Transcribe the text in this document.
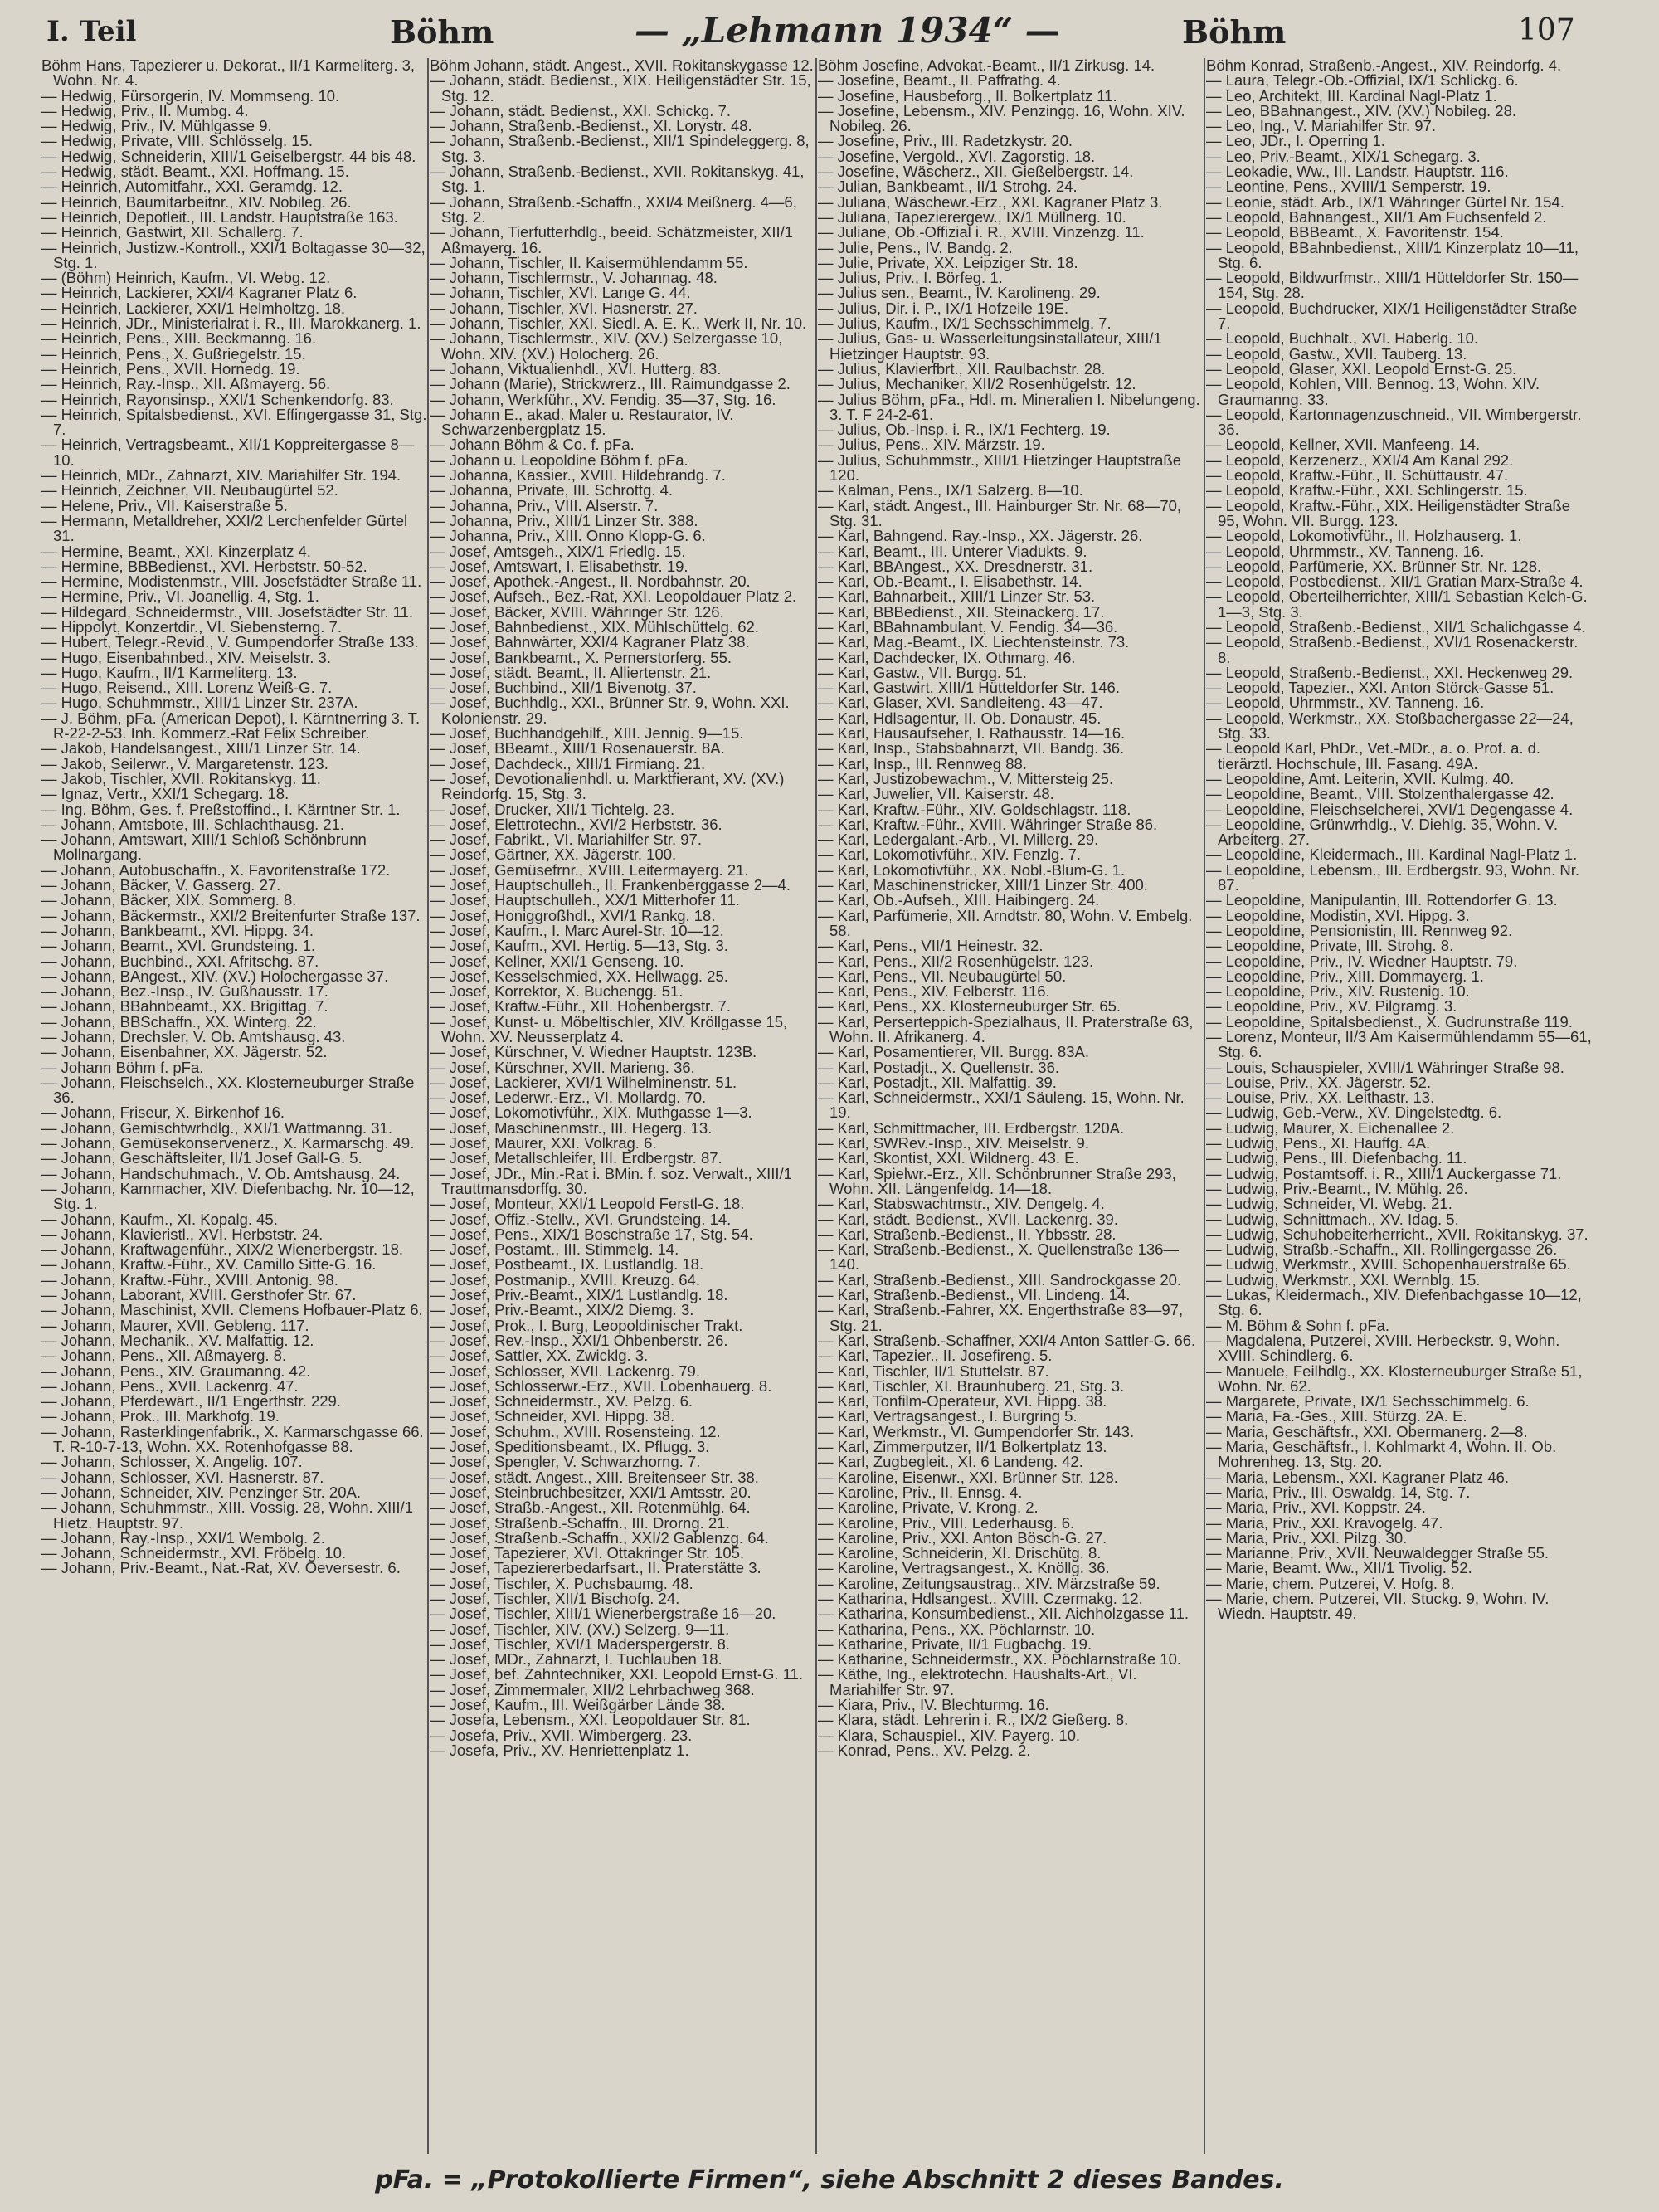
I. Teil	Böhm	— „Lehmann 1934“ —	Böhm	107
Böhm Hans, Tapezierer u. Dekorat., II/1 Karmeliterg. 3, Wohn. Nr. 4.
— Hedwig, Fürsorgerin, IV. Mommseng. 10.
— Hedwig, Priv., II. Mumbg. 4.
— Hedwig, Priv., IV. Mühlgasse 9.
— Hedwig, Private, VIII. Schlösselg. 15.
— Hedwig, Schneiderin, XIII/1 Geiselbergstr. 44 bis 48.
— Hedwig, städt. Beamt., XXI. Hoffmang. 15.
— Heinrich, Automitfahr., XXI. Geramdg. 12.
— Heinrich, Baumitarbeitnr., XIV. Nobileg. 26.
— Heinrich, Depotleit., III. Landstr. Hauptstraße 163.
— Heinrich, Gastwirt, XII. Schallerg. 7.
— Heinrich, Justizw.-Kontroll., XXI/1 Boltagasse 30—32, Stg. 1.
— (Böhm) Heinrich, Kaufm., VI. Webg. 12.
— Heinrich, Lackierer, XXI/4 Kagraner Platz 6.
— Heinrich, Lackierer, XXI/1 Helmholtzg. 18.
— Heinrich, JDr., Ministerialrat i. R., III. Marokkanerg. 1.
— Heinrich, Pens., XIII. Beckmanng. 16.
— Heinrich, Pens., X. Gußriegelstr. 15.
— Heinrich, Pens., XVII. Hornedg. 19.
— Heinrich, Ray.-Insp., XII. Aßmayerg. 56.
— Heinrich, Rayonsinsp., XXI/1 Schenkendorfg. 83.
— Heinrich, Spitalsbedienst., XVI. Effingergasse 31, Stg. 7.
— Heinrich, Vertragsbeamt., XII/1 Koppreitergasse 8—10.
— Heinrich, MDr., Zahnarzt, XIV. Mariahilfer Str. 194.
— Heinrich, Zeichner, VII. Neubaugürtel 52.
— Helene, Priv., VII. Kaiserstraße 5.
— Hermann, Metalldreher, XXI/2 Lerchenfelder Gürtel 31.
— Hermine, Beamt., XXI. Kinzerplatz 4.
— Hermine, BBBedienst., XVI. Herbststr. 50-52.
— Hermine, Modistenmstr., VIII. Josefstädter Straße 11.
— Hermine, Priv., VI. Joanellig. 4, Stg. 1.
— Hildegard, Schneidermstr., VIII. Josefstädter Str. 11.
— Hippolyt, Konzertdir., VI. Siebensterng. 7.
— Hubert, Telegr.-Revid., V. Gumpendorfer Straße 133.
— Hugo, Eisenbahnbed., XIV. Meiselstr. 3.
— Hugo, Kaufm., II/1 Karmeliterg. 13.
— Hugo, Reisend., XIII. Lorenz Weiß-G. 7.
— Hugo, Schuhmmstr., XIII/1 Linzer Str. 237A.
— J. Böhm, pFa. (American Depot), I. Kärntnerring 3. T. R-22-2-53. Inh. Kommerz.-Rat Felix Schreiber.
— Jakob, Handelsangest., XIII/1 Linzer Str. 14.
— Jakob, Seilerwr., V. Margaretenstr. 123.
— Jakob, Tischler, XVII. Rokitanskyg. 11.
— Ignaz, Vertr., XXI/1 Schegarg. 18.
— Ing. Böhm, Ges. f. Preßstoffind., I. Kärntner Str. 1.
— Johann, Amtsbote, III. Schlachthausg. 21.
— Johann, Amtswart, XIII/1 Schloß Schönbrunn Mollnargang.
— Johann, Autobuschaffn., X. Favoritenstraße 172.
— Johann, Bäcker, V. Gasserg. 27.
— Johann, Bäcker, XIX. Sommerg. 8.
— Johann, Bäckermstr., XXI/2 Breitenfurter Straße 137.
— Johann, Bankbeamt., XVI. Hippg. 34.
— Johann, Beamt., XVI. Grundsteing. 1.
— Johann, Buchbind., XXI. Afritschg. 87.
— Johann, BAngest., XIV. (XV.) Holochergasse 37.
— Johann, Bez.-Insp., IV. Gußhausstr. 17.
— Johann, BBahnbeamt., XX. Brigittag. 7.
— Johann, BBSchaffn., XX. Winterg. 22.
— Johann, Drechsler, V. Ob. Amtshausg. 43.
— Johann, Eisenbahner, XX. Jägerstr. 52.
— Johann Böhm f. pFa.
— Johann, Fleischselch., XX. Klosterneuburger Straße 36.
— Johann, Friseur, X. Birkenhof 16.
— Johann, Gemischtwrhdlg., XXI/1 Wattmanng. 31.
— Johann, Gemüsekonservenerz., X. Karmarschg. 49.
— Johann, Geschäftsleiter, II/1 Josef Gall-G. 5.
— Johann, Handschuhmach., V. Ob. Amtshausg. 24.
— Johann, Kammacher, XIV. Diefenbachg. Nr. 10—12, Stg. 1.
— Johann, Kaufm., XI. Kopalg. 45.
— Johann, Klavieristl., XVI. Herbststr. 24.
— Johann, Kraftwagenführ., XIX/2 Wienerbergstr. 18.
— Johann, Kraftw.-Führ., XV. Camillo Sitte-G. 16.
— Johann, Kraftw.-Führ., XVIII. Antonig. 98.
— Johann, Laborant, XVIII. Gersthofer Str. 67.
— Johann, Maschinist, XVII. Clemens Hofbauer-Platz 6.
— Johann, Maurer, XVII. Gebleng. 117.
— Johann, Mechanik., XV. Malfattig. 12.
— Johann, Pens., XII. Aßmayerg. 8.
— Johann, Pens., XIV. Graumanng. 42.
— Johann, Pens., XVII. Lackenrg. 47.
— Johann, Pferdewärt., II/1 Engerthstr. 229.
— Johann, Prok., III. Markhofg. 19.
— Johann, Rasterklingenfabrik., X. Karmarschgasse 66. T. R-10-7-13, Wohn. XX. Rotenhofgasse 88.
— Johann, Schlosser, X. Angelig. 107.
— Johann, Schlosser, XVI. Hasnerstr. 87.
— Johann, Schneider, XIV. Penzinger Str. 20A.
— Johann, Schuhmmstr., XIII. Vossig. 28, Wohn. XIII/1 Hietz. Hauptstr. 97.
— Johann, Ray.-Insp., XXI/1 Wembolg. 2.
— Johann, Schneidermstr., XVI. Fröbelg. 10.
— Johann, Priv.-Beamt., Nat.-Rat, XV. Oeversestr. 6.
Böhm Johann, städt. Angest., XVII. Rokitanskygasse 12.
— Johann, städt. Bedienst., XIX. Heiligenstädter Str. 15, Stg. 12.
— Johann, städt. Bedienst., XXI. Schickg. 7.
— Johann, Straßenb.-Bedienst., XI. Lorystr. 48.
— Johann, Straßenb.-Bedienst., XII/1 Spindeleggerg. 8, Stg. 3.
— Johann, Straßenb.-Bedienst., XVII. Rokitanskyg. 41, Stg. 1.
— Johann, Straßenb.-Schaffn., XXI/4 Meißnerg. 4—6, Stg. 2.
— Johann, Tierfutterhdlg., beeid. Schätzmeister, XII/1 Aßmayerg. 16.
— Johann, Tischler, II. Kaisermühlendamm 55.
— Johann, Tischlermstr., V. Johannag. 48.
— Johann, Tischler, XVI. Lange G. 44.
— Johann, Tischler, XVI. Hasnerstr. 27.
— Johann, Tischler, XXI. Siedl. A. E. K., Werk II, Nr. 10.
— Johann, Tischlermstr., XIV. (XV.) Selzergasse 10, Wohn. XIV. (XV.) Holocherg. 26.
— Johann, Viktualienhdl., XVI. Hutterg. 83.
— Johann (Marie), Strickwrerz., III. Raimundgasse 2.
— Johann, Werkführ., XV. Fendig. 35—37, Stg. 16.
— Johann E., akad. Maler u. Restaurator, IV. Schwarzenbergplatz 15.
— Johann Böhm & Co. f. pFa.
— Johann u. Leopoldine Böhm f. pFa.
— Johanna, Kassier., XVIII. Hildebrandg. 7.
— Johanna, Private, III. Schrottg. 4.
— Johanna, Priv., VIII. Alserstr. 7.
— Johanna, Priv., XIII/1 Linzer Str. 388.
— Johanna, Priv., XIII. Onno Klopp-G. 6.
— Josef, Amtsgeh., XIX/1 Friedlg. 15.
— Josef, Amtswart, I. Elisabethstr. 19.
— Josef, Apothek.-Angest., II. Nordbahnstr. 20.
— Josef, Aufseh., Bez.-Rat, XXI. Leopoldauer Platz 2.
— Josef, Bäcker, XVIII. Währinger Str. 126.
— Josef, Bahnbedienst., XIX. Mühlschüttelg. 62.
— Josef, Bahnwärter, XXI/4 Kagraner Platz 38.
— Josef, Bankbeamt., X. Pernerstorferg. 55.
— Josef, städt. Beamt., II. Alliertenstr. 21.
— Josef, Buchbind., XII/1 Bivenotg. 37.
— Josef, Buchhdlg., XXI., Brünner Str. 9, Wohn. XXI. Kolonienstr. 29.
— Josef, Buchhandgehilf., XIII. Jennig. 9—15.
— Josef, BBeamt., XIII/1 Rosenauerstr. 8A.
— Josef, Dachdeck., XIII/1 Firmiang. 21.
— Josef, Devotionalienhdl. u. Marktfierant, XV. (XV.) Reindorfg. 15, Stg. 3.
— Josef, Drucker, XII/1 Tichtelg. 23.
— Josef, Elettrotechn., XVI/2 Herbststr. 36.
— Josef, Fabrikt., VI. Mariahilfer Str. 97.
— Josef, Gärtner, XX. Jägerstr. 100.
— Josef, Gemüsefrnr., XVIII. Leitermayerg. 21.
— Josef, Hauptschulleh., II. Frankenberggasse 2—4.
— Josef, Hauptschulleh., XX/1 Mitterhofer 11.
— Josef, Honiggroßhdl., XVI/1 Rankg. 18.
— Josef, Kaufm., I. Marc Aurel-Str. 10—12.
— Josef, Kaufm., XVI. Hertig. 5—13, Stg. 3.
— Josef, Kellner, XXI/1 Genseng. 10.
— Josef, Kesselschmied, XX. Hellwagg. 25.
— Josef, Korrektor, X. Buchengg. 51.
— Josef, Kraftw.-Führ., XII. Hohenbergstr. 7.
— Josef, Kunst- u. Möbeltischler, XIV. Kröllgasse 15, Wohn. XV. Neusserplatz 4.
— Josef, Kürschner, V. Wiedner Hauptstr. 123B.
— Josef, Kürschner, XVII. Marieng. 36.
— Josef, Lackierer, XVI/1 Wilhelminenstr. 51.
— Josef, Lederwr.-Erz., VI. Mollardg. 70.
— Josef, Lokomotivführ., XIX. Muthgasse 1—3.
— Josef, Maschinenmstr., III. Hegerg. 13.
— Josef, Maurer, XXI. Volkrag. 6.
— Josef, Metallschleifer, III. Erdbergstr. 87.
— Josef, JDr., Min.-Rat i. BMin. f. soz. Verwalt., XIII/1 Trauttmansdorffg. 30.
— Josef, Monteur, XXI/1 Leopold Ferstl-G. 18.
— Josef, Offiz.-Stellv., XVI. Grundsteing. 14.
— Josef, Pens., XIX/1 Boschstraße 17, Stg. 54.
— Josef, Postamt., III. Stimmelg. 14.
— Josef, Postbeamt., IX. Lustlandlg. 18.
— Josef, Postmanip., XVIII. Kreuzg. 64.
— Josef, Priv.-Beamt., XIX/1 Lustlandlg. 18.
— Josef, Priv.-Beamt., XIX/2 Diemg. 3.
— Josef, Prok., I. Burg, Leopoldinischer Trakt.
— Josef, Rev.-Insp., XXI/1 Ohbenberstr. 26.
— Josef, Sattler, XX. Zwicklg. 3.
— Josef, Schlosser, XVII. Lackenrg. 79.
— Josef, Schlosserwr.-Erz., XVII. Lobenhauerg. 8.
— Josef, Schneidermstr., XV. Pelzg. 6.
— Josef, Schneider, XVI. Hippg. 38.
— Josef, Schuhm., XVIII. Rosensteing. 12.
— Josef, Speditionsbeamt., IX. Pflugg. 3.
— Josef, Spengler, V. Schwarzhorng. 7.
— Josef, städt. Angest., XIII. Breitenseer Str. 38.
— Josef, Steinbruchbesitzer, XXI/1 Amtsstr. 20.
— Josef, Straßb.-Angest., XII. Rotenmühlg. 64.
— Josef, Straßenb.-Schaffn., III. Drorng. 21.
— Josef, Straßenb.-Schaffn., XXI/2 Gablenzg. 64.
— Josef, Tapezierer, XVI. Ottakringer Str. 105.
— Josef, Tapeziererbedarfsart., II. Praterstätte 3.
— Josef, Tischler, X. Puchsbaumg. 48.
— Josef, Tischler, XII/1 Bischofg. 24.
— Josef, Tischler, XIII/1 Wienerbergstraße 16—20.
— Josef, Tischler, XIV. (XV.) Selzerg. 9—11.
— Josef, Tischler, XVI/1 Maderspergerstr. 8.
— Josef, MDr., Zahnarzt, I. Tuchlauben 18.
— Josef, bef. Zahntechniker, XXI. Leopold Ernst-G. 11.
— Josef, Zimmermaler, XII/2 Lehrbachweg 368.
— Josef, Kaufm., III. Weißgärber Lände 38.
— Josefa, Lebensm., XXI. Leopoldauer Str. 81.
— Josefa, Priv., XVII. Wimbergerg. 23.
— Josefa, Priv., XV. Henriettenplatz 1.
Böhm Josefine, Advokat.-Beamt., II/1 Zirkusg. 14.
— Josefine, Beamt., II. Paffrathg. 4.
— Josefine, Hausbeforg., II. Bolkertplatz 11.
— Josefine, Lebensm., XIV. Penzingg. 16, Wohn. XIV. Nobileg. 26.
— Josefine, Priv., III. Radetzkystr. 20.
— Josefine, Vergold., XVI. Zagorstig. 18.
— Josefine, Wäscherz., XII. Gießelbergstr. 14.
— Julian, Bankbeamt., II/1 Strohg. 24.
— Juliana, Wäschewr.-Erz., XXI. Kagraner Platz 3.
— Juliana, Tapezierergew., IX/1 Müllnerg. 10.
— Juliane, Ob.-Offizial i. R., XVIII. Vinzenzg. 11.
— Julie, Pens., IV. Bandg. 2.
— Julie, Private, XX. Leipziger Str. 18.
— Julius, Priv., I. Börfeg. 1.
— Julius sen., Beamt., IV. Karolineng. 29.
— Julius, Dir. i. P., IX/1 Hofzeile 19E.
— Julius, Kaufm., IX/1 Sechsschimmelg. 7.
— Julius, Gas- u. Wasserleitungsinstallateur, XIII/1 Hietzinger Hauptstr. 93.
— Julius, Klavierfbrt., XII. Raulbachstr. 28.
— Julius, Mechaniker, XII/2 Rosenhügelstr. 12.
— Julius Böhm, pFa., Hdl. m. Mineralien I. Nibelungeng. 3. T. F 24-2-61.
— Julius, Ob.-Insp. i. R., IX/1 Fechterg. 19.
— Julius, Pens., XIV. Märzstr. 19.
— Julius, Schuhmmstr., XIII/1 Hietzinger Hauptstraße 120.
— Kalman, Pens., IX/1 Salzerg. 8—10.
— Karl, städt. Angest., III. Hainburger Str. Nr. 68—70, Stg. 31.
— Karl, Bahngend. Ray.-Insp., XX. Jägerstr. 26.
— Karl, Beamt., III. Unterer Viadukts. 9.
— Karl, BBAngest., XX. Dresdnerstr. 31.
— Karl, Ob.-Beamt., I. Elisabethstr. 14.
— Karl, Bahnarbeit., XIII/1 Linzer Str. 53.
— Karl, BBBedienst., XII. Steinackerg. 17.
— Karl, BBahnambulant, V. Fendig. 34—36.
— Karl, Mag.-Beamt., IX. Liechtensteinstr. 73.
— Karl, Dachdecker, IX. Othmarg. 46.
— Karl, Gastw., VII. Burgg. 51.
— Karl, Gastwirt, XIII/1 Hütteldorfer Str. 146.
— Karl, Glaser, XVI. Sandleiteng. 43—47.
— Karl, Hdlsagentur, II. Ob. Donaustr. 45.
— Karl, Hausaufseher, I. Rathausstr. 14—16.
— Karl, Insp., Stabsbahnarzt, VII. Bandg. 36.
— Karl, Insp., III. Rennweg 88.
— Karl, Justizobewachm., V. Mittersteig 25.
— Karl, Juwelier, VII. Kaiserstr. 48.
— Karl, Kraftw.-Führ., XIV. Goldschlagstr. 118.
— Karl, Kraftw.-Führ., XVIII. Währinger Straße 86.
— Karl, Ledergalant.-Arb., VI. Millerg. 29.
— Karl, Lokomotivführ., XIV. Fenzlg. 7.
— Karl, Lokomotivführ., XX. Nobl.-Blum-G. 1.
— Karl, Maschinenstricker, XIII/1 Linzer Str. 400.
— Karl, Ob.-Aufseh., XIII. Haibingerg. 24.
— Karl, Parfümerie, XII. Arndtstr. 80, Wohn. V. Embelg. 58.
— Karl, Pens., VII/1 Heinestr. 32.
— Karl, Pens., XII/2 Rosenhügelstr. 123.
— Karl, Pens., VII. Neubaugürtel 50.
— Karl, Pens., XIV. Felberstr. 116.
— Karl, Pens., XX. Klosterneuburger Str. 65.
— Karl, Perserteppich-Spezialhaus, II. Praterstraße 63, Wohn. II. Afrikanerg. 4.
— Karl, Posamentierer, VII. Burgg. 83A.
— Karl, Postadjt., X. Quellenstr. 36.
— Karl, Postadjt., XII. Malfattig. 39.
— Karl, Schneidermstr., XXI/1 Säuleng. 15, Wohn. Nr. 19.
— Karl, Schmittmacher, III. Erdbergstr. 120A.
— Karl, SWRev.-Insp., XIV. Meiselstr. 9.
— Karl, Skontist, XXI. Wildnerg. 43. E.
— Karl, Spielwr.-Erz., XII. Schönbrunner Straße 293, Wohn. XII. Längenfeldg. 14—18.
— Karl, Stabswachtmstr., XIV. Dengelg. 4.
— Karl, städt. Bedienst., XVII. Lackenrg. 39.
— Karl, Straßenb.-Bedienst., II. Ybbsstr. 28.
— Karl, Straßenb.-Bedienst., X. Quellenstraße 136—140.
— Karl, Straßenb.-Bedienst., XIII. Sandrockgasse 20.
— Karl, Straßenb.-Bedienst., VII. Lindeng. 14.
— Karl, Straßenb.-Fahrer, XX. Engerthstraße 83—97, Stg. 21.
— Karl, Straßenb.-Schaffner, XXI/4 Anton Sattler-G. 66.
— Karl, Tapezier., II. Josefireng. 5.
— Karl, Tischler, II/1 Stuttelstr. 87.
— Karl, Tischler, XI. Braunhuberg. 21, Stg. 3.
— Karl, Tonfilm-Operateur, XVI. Hippg. 38.
— Karl, Vertragsangest., I. Burgring 5.
— Karl, Werkmstr., VI. Gumpendorfer Str. 143.
— Karl, Zimmerputzer, II/1 Bolkertplatz 13.
— Karl, Zugbegleit., XI. 6 Landeng. 42.
— Karoline, Eisenwr., XXI. Brünner Str. 128.
— Karoline, Priv., II. Ennsg. 4.
— Karoline, Private, V. Krong. 2.
— Karoline, Priv., VIII. Lederhausg. 6.
— Karoline, Priv., XXI. Anton Bösch-G. 27.
— Karoline, Schneiderin, XI. Drischütg. 8.
— Karoline, Vertragsangest., X. Knöllg. 36.
— Karoline, Zeitungsaustrag., XIV. Märzstraße 59.
— Katharina, Hdlsangest., XVIII. Czermakg. 12.
— Katharina, Konsumbedienst., XII. Aichholzgasse 11.
— Katharina, Pens., XX. Pöchlarnstr. 10.
— Katharine, Private, II/1 Fugbachg. 19.
— Katharine, Schneidermstr., XX. Pöchlarnstraße 10.
— Käthe, Ing., elektrotechn. Haushalts-Art., VI. Mariahilfer Str. 97.
— Kiara, Priv., IV. Blechturmg. 16.
— Klara, städt. Lehrerin i. R., IX/2 Gießerg. 8.
— Klara, Schauspiel., XIV. Payerg. 10.
— Konrad, Pens., XV. Pelzg. 2.
Böhm Konrad, Straßenb.-Angest., XIV. Reindorfg. 4.
— Laura, Telegr.-Ob.-Offizial, IX/1 Schlickg. 6.
— Leo, Architekt, III. Kardinal Nagl-Platz 1.
— Leo, BBahnangest., XIV. (XV.) Nobileg. 28.
— Leo, Ing., V. Mariahilfer Str. 97.
— Leo, JDr., I. Operring 1.
— Leo, Priv.-Beamt., XIX/1 Schegarg. 3.
— Leokadie, Ww., III. Landstr. Hauptstr. 116.
— Leontine, Pens., XVIII/1 Semperstr. 19.
— Leonie, städt. Arb., IX/1 Währinger Gürtel Nr. 154.
— Leopold, Bahnangest., XII/1 Am Fuchsenfeld 2.
— Leopold, BBBeamt., X. Favoritenstr. 154.
— Leopold, BBahnbedienst., XIII/1 Kinzerplatz 10—11, Stg. 6.
— Leopold, Bildwurfmstr., XIII/1 Hütteldorfer Str. 150—154, Stg. 28.
— Leopold, Buchdrucker, XIX/1 Heiligenstädter Straße 7.
— Leopold, Buchhalt., XVI. Haberlg. 10.
— Leopold, Gastw., XVII. Tauberg. 13.
— Leopold, Glaser, XXI. Leopold Ernst-G. 25.
— Leopold, Kohlen, VIII. Bennog. 13, Wohn. XIV. Graumanng. 33.
— Leopold, Kartonnagenzuschneid., VII. Wimbergerstr. 36.
— Leopold, Kellner, XVII. Manfeeng. 14.
— Leopold, Kerzenerz., XXI/4 Am Kanal 292.
— Leopold, Kraftw.-Führ., II. Schüttaustr. 47.
— Leopold, Kraftw.-Führ., XXI. Schlingerstr. 15.
— Leopold, Kraftw.-Führ., XIX. Heiligenstädter Straße 95, Wohn. VII. Burgg. 123.
— Leopold, Lokomotivführ., II. Holzhauserg. 1.
— Leopold, Uhrmmstr., XV. Tanneng. 16.
— Leopold, Parfümerie, XX. Brünner Str. Nr. 128.
— Leopold, Postbedienst., XII/1 Gratian Marx-Straße 4.
— Leopold, Oberteilherrichter, XIII/1 Sebastian Kelch-G. 1—3, Stg. 3.
— Leopold, Straßenb.-Bedienst., XII/1 Schalichgasse 4.
— Leopold, Straßenb.-Bedienst., XVI/1 Rosenackerstr. 8.
— Leopold, Straßenb.-Bedienst., XXI. Heckenweg 29.
— Leopold, Tapezier., XXI. Anton Störck-Gasse 51.
— Leopold, Uhrmmstr., XV. Tanneng. 16.
— Leopold, Werkmstr., XX. Stoßbachergasse 22—24, Stg. 33.
— Leopold Karl, PhDr., Vet.-MDr., a. o. Prof. a. d. tierärztl. Hochschule, III. Fasang. 49A.
— Leopoldine, Amt. Leiterin, XVII. Kulmg. 40.
— Leopoldine, Beamt., VIII. Stolzenthalergasse 42.
— Leopoldine, Fleischselcherei, XVI/1 Degengasse 4.
— Leopoldine, Grünwrhdlg., V. Diehlg. 35, Wohn. V. Arbeiterg. 27.
— Leopoldine, Kleidermach., III. Kardinal Nagl-Platz 1.
— Leopoldine, Lebensm., III. Erdbergstr. 93, Wohn. Nr. 87.
— Leopoldine, Manipulantin, III. Rottendorfer G. 13.
— Leopoldine, Modistin, XVI. Hippg. 3.
— Leopoldine, Pensionistin, III. Rennweg 92.
— Leopoldine, Private, III. Strohg. 8.
— Leopoldine, Priv., IV. Wiedner Hauptstr. 79.
— Leopoldine, Priv., XIII. Dommayerg. 1.
— Leopoldine, Priv., XIV. Rustenig. 10.
— Leopoldine, Priv., XV. Pilgramg. 3.
— Leopoldine, Spitalsbedienst., X. Gudrunstraße 119.
— Lorenz, Monteur, II/3 Am Kaisermühlendamm 55—61, Stg. 6.
— Louis, Schauspieler, XVIII/1 Währinger Straße 98.
— Louise, Priv., XX. Jägerstr. 52.
— Louise, Priv., XX. Leithastr. 13.
— Ludwig, Geb.-Verw., XV. Dingelstedtg. 6.
— Ludwig, Maurer, X. Eichenallee 2.
— Ludwig, Pens., XI. Hauffg. 4A.
— Ludwig, Pens., III. Diefenbachg. 11.
— Ludwig, Postamtsoff. i. R., XIII/1 Auckergasse 71.
— Ludwig, Priv.-Beamt., IV. Mühlg. 26.
— Ludwig, Schneider, VI. Webg. 21.
— Ludwig, Schnittmach., XV. Idag. 5.
— Ludwig, Schuhobeiterherricht., XVII. Rokitanskyg. 37.
— Ludwig, Straßb.-Schaffn., XII. Rollingergasse 26.
— Ludwig, Werkmstr., XVIII. Schopenhauerstraße 65.
— Ludwig, Werkmstr., XXI. Wernblg. 15.
— Lukas, Kleidermach., XIV. Diefenbachgasse 10—12, Stg. 6.
— M. Böhm & Sohn f. pFa.
— Magdalena, Putzerei, XVIII. Herbeckstr. 9, Wohn. XVIII. Schindlerg. 6.
— Manuele, Feilhdlg., XX. Klosterneuburger Straße 51, Wohn. Nr. 62.
— Margarete, Private, IX/1 Sechsschimmelg. 6.
— Maria, Fa.-Ges., XIII. Stürzg. 2A. E.
— Maria, Geschäftsfr., XXI. Obermanerg. 2—8.
— Maria, Geschäftsfr., I. Kohlmarkt 4, Wohn. II. Ob. Mohrenheg. 13, Stg. 20.
— Maria, Lebensm., XXI. Kagraner Platz 46.
— Maria, Priv., III. Oswaldg. 14, Stg. 7.
— Maria, Priv., XVI. Koppstr. 24.
— Maria, Priv., XXI. Kravogelg. 47.
— Maria, Priv., XXI. Pilzg. 30.
— Marianne, Priv., XVII. Neuwaldegger Straße 55.
— Marie, Beamt. Ww., XII/1 Tivolig. 52.
— Marie, chem. Putzerei, V. Hofg. 8.
— Marie, chem. Putzerei, VII. Stuckg. 9, Wohn. IV. Wiedn. Hauptstr. 49.
pFa. = „Protokollierte Firmen“, siehe Abschnitt 2 dieses Bandes.
